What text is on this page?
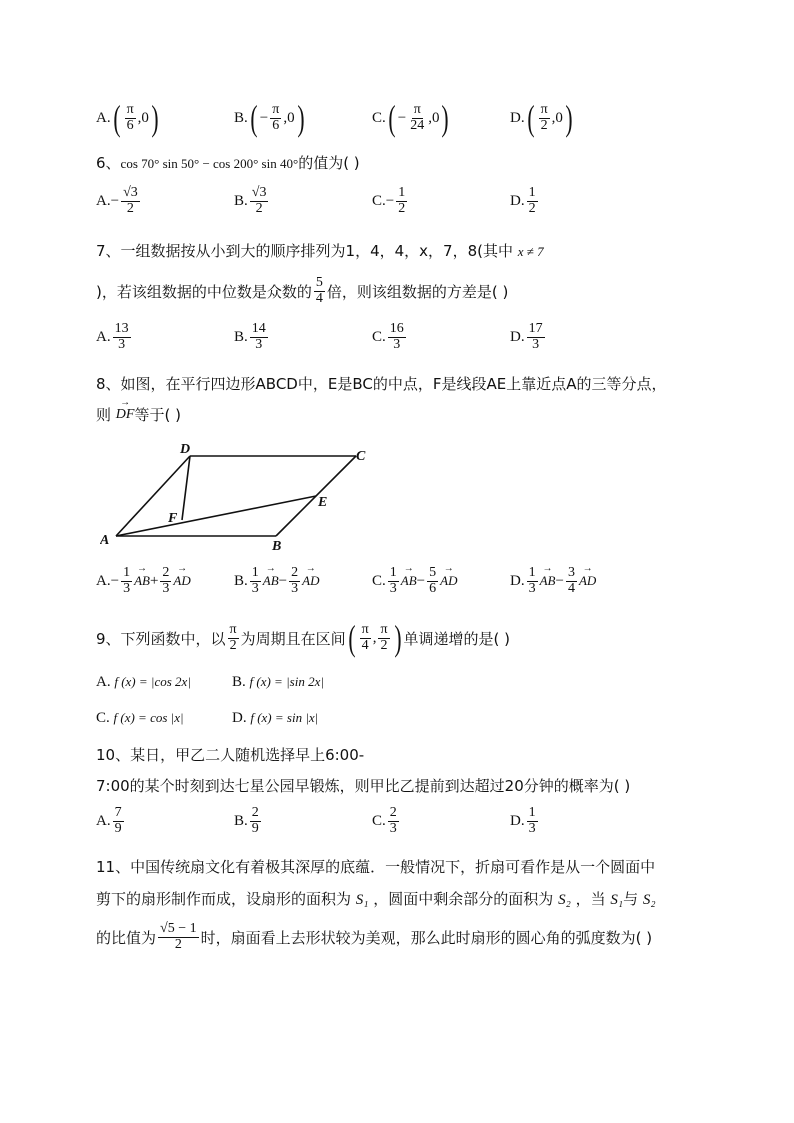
A. ( $\frac{\pi}{6} ,0$ )	B. ( − $\frac{\pi}{6} ,0$ )	C. ( − $\frac{\pi}{24} ,0$ )	D. ( $\frac{\pi}{2} ,0$ )
6、cos 70° sin 50° − cos 200° sin 40°的值为( )
A. − $\frac{√3}{2}$	B. $\frac{√3}{2}$	C. − $\frac{1}{2}$	D. $\frac{1}{2}$
7、一组数据按从小到大的顺序排列为1，4，4，x，7，8(其中 x ≠ 7
)，若该组数据的中位数是众数的 $\frac{5}{4}$ 倍，则该组数据的方差是( )
A. $\frac{13}{3}$	B. $\frac{14}{3}$	C. $\frac{16}{3}$	D. $\frac{17}{3}$
8、如图，在平行四边形ABCD中，E是BC的中点，F是线段AE上靠近点A的三等分点，
则
→ DF 等于( )
A	B
C
D
E
F
A. − $\frac{1}{3}$ → AB + $\frac{2}{3}$ → AD	B. $\frac{1}{3}$ → AB − $\frac{2}{3}$ → AD	C. $\frac{1}{3}$ → AB − $\frac{5}{6}$ → AD	D. $\frac{1}{3}$ → AB − $\frac{3}{4}$ → AD
9、下列函数中，以 $\frac{\pi}{2}$ 为周期且在区间 ( $\frac{\pi}{4}$ , $\frac{\pi}{2}$ ) 单调递增的是( )
A. f (x) = |cos 2x|	B. f (x) = |sin 2x|
C. f (x) = cos |x|	D. f (x) = sin |x|
10、某日，甲乙二人随机选择早上6:00-
7:00的某个时刻到达七星公园早锻炼，则甲比乙提前到达超过20分钟的概率为( )
A. $\frac{7}{9}$	B. $\frac{2}{9}$	C. $\frac{2}{3}$	D. $\frac{1}{3}$
11、中国传统扇文化有着极其深厚的底蕴．一般情况下，折扇可看作是从一个圆面中
剪下的扇形制作而成，设扇形的面积为 S₁ ，圆面中剩余部分的面积为 S₂ ，当 S₁与 S₂
的比值为 $\frac{√5 - 1}{2}$ 时，扇面看上去形状较为美观，那么此时扇形的圆心角的弧度数为( )
